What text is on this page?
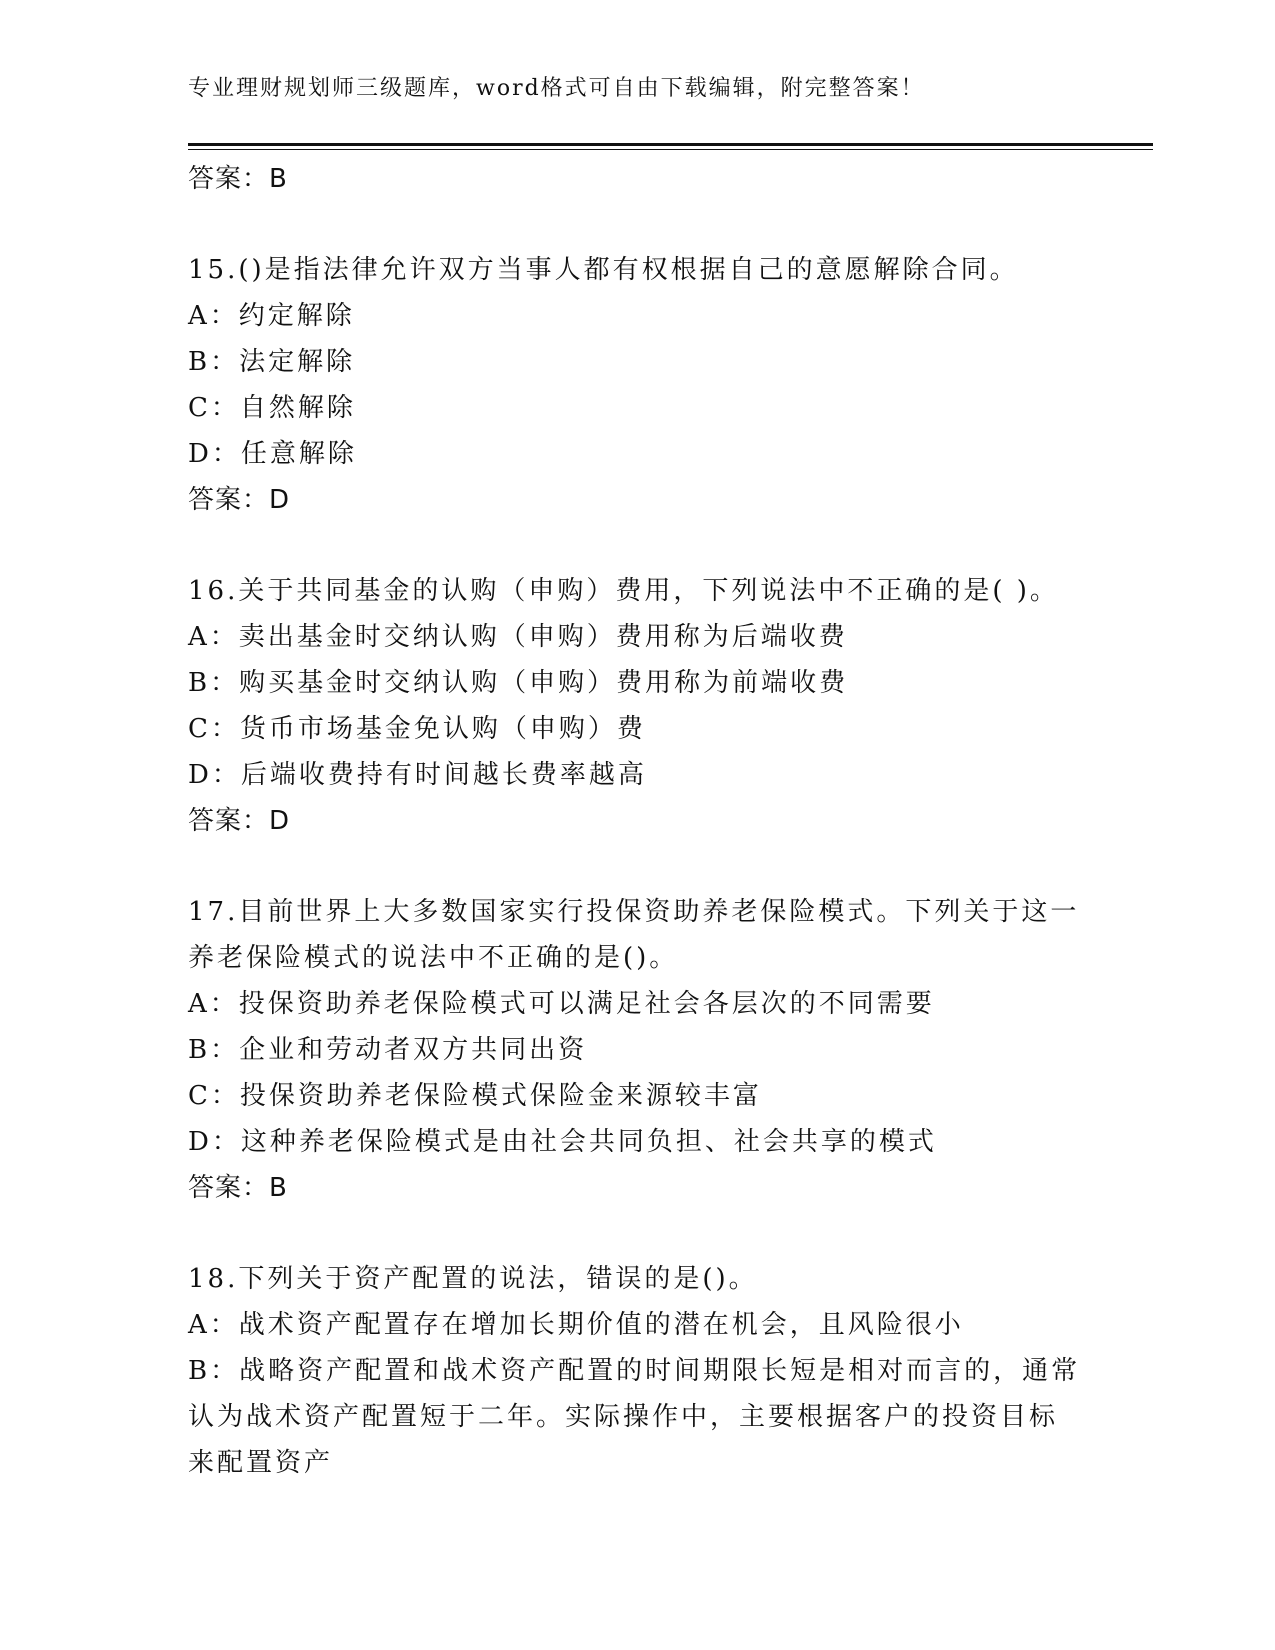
专业理财规划师三级题库，word格式可自由下载编辑，附完整答案！
答案：B
15.()是指法律允许双方当事人都有权根据自己的意愿解除合同。
A：约定解除
B：法定解除
C：自然解除
D：任意解除
答案：D
16.关于共同基金的认购（申购）费用，下列说法中不正确的是( )。
A：卖出基金时交纳认购（申购）费用称为后端收费
B：购买基金时交纳认购（申购）费用称为前端收费
C：货币市场基金免认购（申购）费
D：后端收费持有时间越长费率越高
答案：D
17.目前世界上大多数国家实行投保资助养老保险模式。下列关于这一
养老保险模式的说法中不正确的是()。
A：投保资助养老保险模式可以满足社会各层次的不同需要
B：企业和劳动者双方共同出资
C：投保资助养老保险模式保险金来源较丰富
D：这种养老保险模式是由社会共同负担、社会共享的模式
答案：B
18.下列关于资产配置的说法，错误的是()。
A：战术资产配置存在增加长期价值的潜在机会，且风险很小
B：战略资产配置和战术资产配置的时间期限长短是相对而言的，通常
认为战术资产配置短于二年。实际操作中，主要根据客户的投资目标
来配置资产
